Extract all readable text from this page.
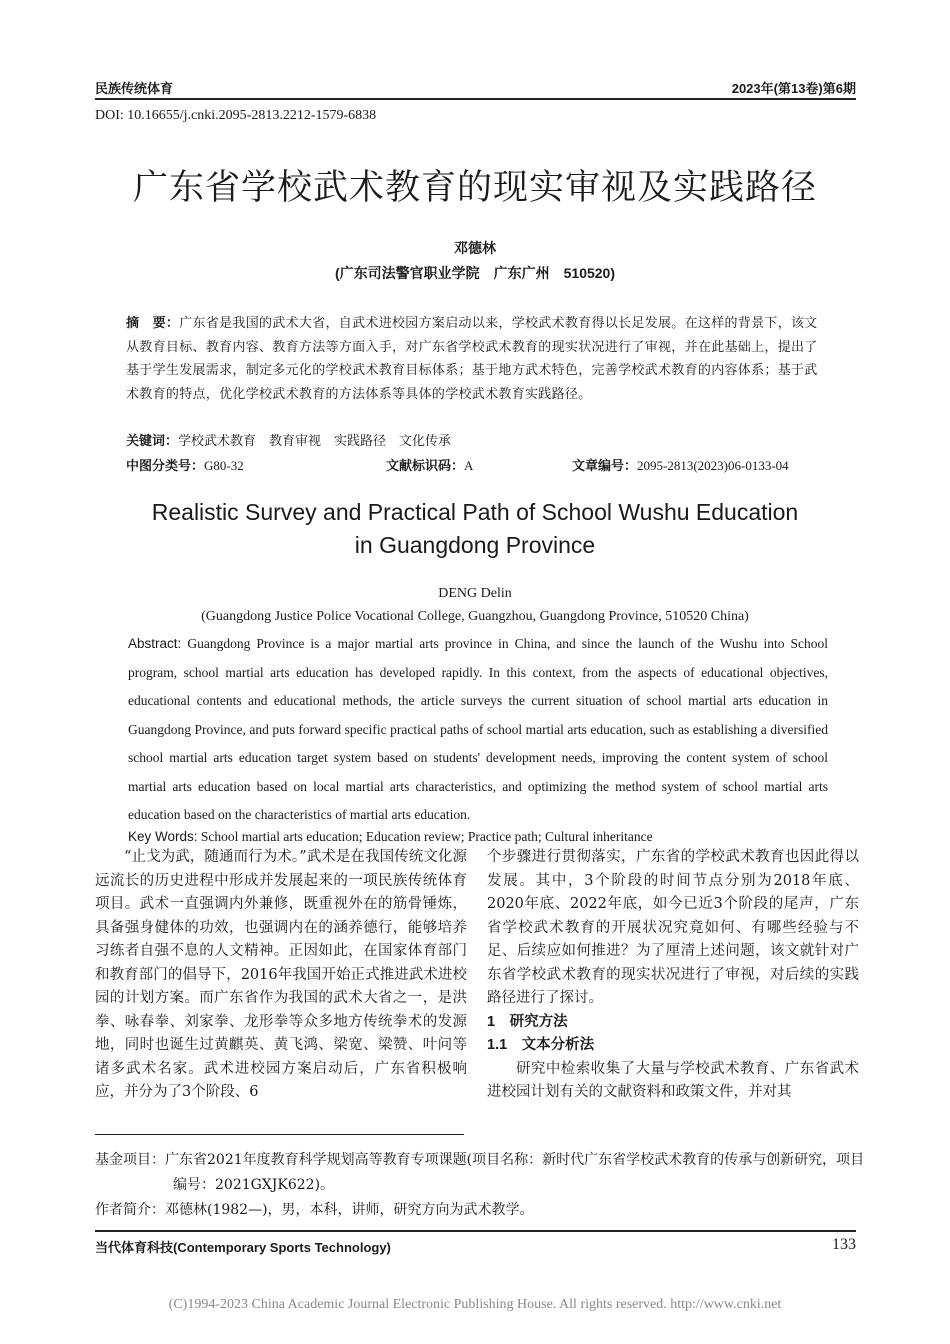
民族传统体育	2023年(第13卷)第6期
DOI: 10.16655/j.cnki.2095-2813.2212-1579-6838
广东省学校武术教育的现实审视及实践路径
邓德林
(广东司法警官职业学院　广东广州　510520)
摘　要：广东省是我国的武术大省，自武术进校园方案启动以来，学校武术教育得以长足发展。在这样的背景下，该文从教育目标、教育内容、教育方法等方面入手，对广东省学校武术教育的现实状况进行了审视，并在此基础上，提出了基于学生发展需求，制定多元化的学校武术教育目标体系；基于地方武术特色，完善学校武术教育的内容体系；基于武术教育的特点，优化学校武术教育的方法体系等具体的学校武术教育实践路径。
关键词：学校武术教育　教育审视　实践路径　文化传承
中图分类号：G80-32	文献标识码：A	文章编号：2095-2813(2023)06-0133-04
Realistic Survey and Practical Path of School Wushu Education
in Guangdong Province
DENG Delin
(Guangdong Justice Police Vocational College, Guangzhou, Guangdong Province, 510520 China)
Abstract: Guangdong Province is a major martial arts province in China, and since the launch of the Wushu into School program, school martial arts education has developed rapidly. In this context, from the aspects of educational objectives, educational contents and educational methods, the article surveys the current situation of school martial arts education in Guangdong Province, and puts forward specific practical paths of school martial arts education, such as establishing a diversified school martial arts education target system based on students' development needs, improving the content system of school martial arts education based on local martial arts characteristics, and optimizing the method system of school martial arts education based on the characteristics of martial arts education.
Key Words: School martial arts education; Education review; Practice path; Cultural inheritance
“止戈为武，随通而行为术。”武术是在我国传统文化源远流长的历史进程中形成并发展起来的一项民族传统体育项目。武术一直强调内外兼修，既重视外在的筋骨锤炼，具备强身健体的功效，也强调内在的涵养德行，能够培养习练者自强不息的人文精神。正因如此，在国家体育部门和教育部门的倡导下，2016年我国开始正式推进武术进校园的计划方案。而广东省作为我国的武术大省之一，是洪拳、咏春拳、刘家拳、龙形拳等众多地方传统拳术的发源地，同时也诞生过黄麒英、黄飞鸿、梁宽、梁赞、叶问等诸多武术名家。武术进校园方案启动后，广东省积极响应，并分为了3个阶段、6
个步骤进行贯彻落实，广东省的学校武术教育也因此得以发展。其中，3个阶段的时间节点分别为2018年底、2020年底、2022年底，如今已近3个阶段的尾声，广东省学校武术教育的开展状况究竟如何、有哪些经验与不足、后续应如何推进？为了厘清上述问题，该文就针对广东省学校武术教育的现实状况进行了审视，对后续的实践路径进行了探讨。
1　研究方法
1.1　文本分析法
研究中检索收集了大量与学校武术教育、广东省武术进校园计划有关的文献资料和政策文件，并对其
基金项目：广东省2021年度教育科学规划高等教育专项课题(项目名称：新时代广东省学校武术教育的传承与创新研究，项目编号：2021GXJK622)。
作者简介：邓德林(1982—)，男，本科，讲师，研究方向为武术教学。
当代体育科技(Contemporary Sports Technology)	133
(C)1994-2023 China Academic Journal Electronic Publishing House. All rights reserved. http://www.cnki.net
